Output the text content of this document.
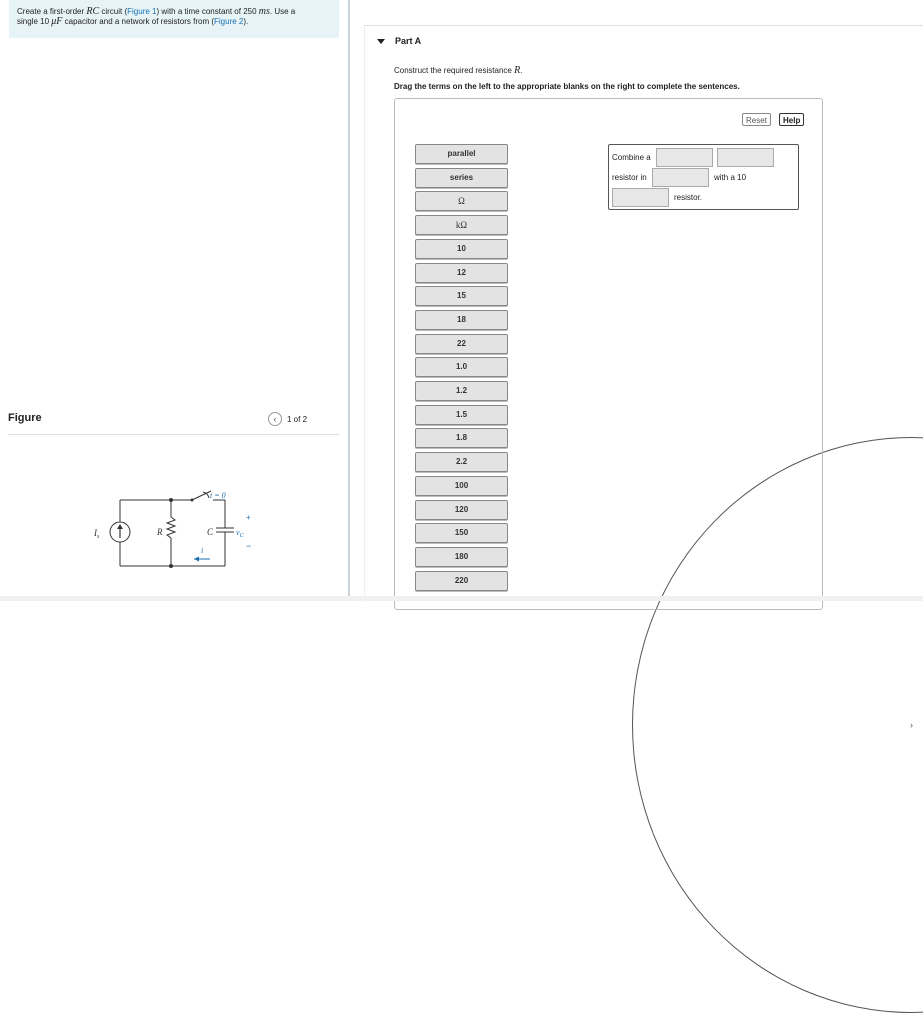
Create a first-order RC circuit (Figure 1) with a time constant of 250 ms. Use a
single 10 μF capacitor and a network of resistors from (Figure 2).
Figure	‹ 1 of 2
›
$I_s$	R	C
t = 0
+
$v_C$
−
i
Part A
Construct the required resistance R.
Drag the terms on the left to the appropriate blanks on the right to complete the sentences.
Reset	Help
parallel
series
Ω
kΩ
10
12
15
18
22
1.0
1.2
1.5
1.8
2.2
100
120
150
180
220
Combine a
resistor in	with a 10
resistor.
